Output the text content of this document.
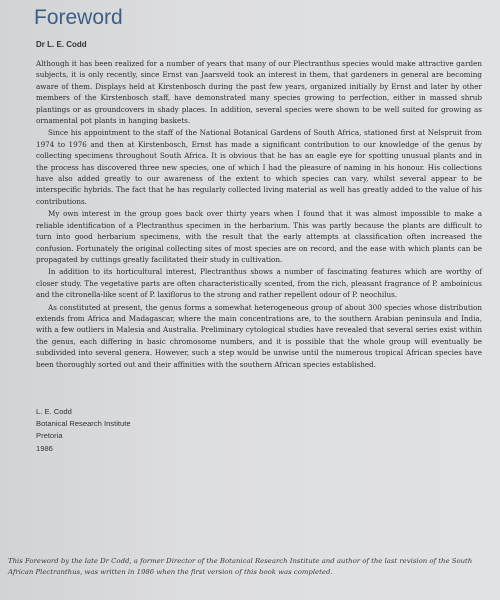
Foreword
Dr L. E. Codd

Although it has been realized for a number of years that many of our Plectranthus species would make attractive garden subjects, it is only recently, since Ernst van Jaarsveld took an interest in them, that gardeners in general are becoming aware of them. Displays held at Kirstenbosch during the past few years, organized initially by Ernst and later by other members of the Kirstenbosch staff, have demonstrated many species growing to perfection, either in massed shrub plantings or as groundcovers in shady places. In addition, several species were shown to be well suited for growing as ornamental pot plants in hanging baskets.

Since his appointment to the staff of the National Botanical Gardens of South Africa, stationed first at Nelspruit from 1974 to 1976 and then at Kirstenbosch, Ernst has made a significant contribution to our knowledge of the genus by collecting specimens throughout South Africa. It is obvious that he has an eagle eye for spotting unusual plants and in the process has discovered three new species, one of which I had the pleasure of naming in his honour. His collections have also added greatly to our awareness of the extent to which species can vary, whilst several appear to be interspecific hybrids. The fact that he has regularly collected living material as well has greatly added to the value of his contributions.

My own interest in the group goes back over thirty years when I found that it was almost impossible to make a reliable identification of a Plectranthus specimen in the herbarium. This was partly because the plants are difficult to turn into good herbarium specimens, with the result that the early attempts at classification often increased the confusion. Fortunately the original collecting sites of most species are on record, and the ease with which plants can be propagated by cuttings greatly facilitated their study in cultivation.

In addition to its horticultural interest, Plectranthus shows a number of fascinating features which are worthy of closer study. The vegetative parts are often characteristically scented, from the rich, pleasant fragrance of P. amboinicus and the citronella-like scent of P. laxiflorus to the strong and rather repellent odour of P. neochilus.

As constituted at present, the genus forms a somewhat heterogeneous group of about 300 species whose distribution extends from Africa and Madagascar, where the main concentrations are, to the southern Arabian peninsula and India, with a few outliers in Malesia and Australia. Preliminary cytological studies have revealed that several series exist within the genus, each differing in basic chromosome numbers, and it is possible that the whole group will eventually be subdivided into several genera. However, such a step would be unwise until the numerous tropical African species have been thoroughly sorted out and their affinities with the southern African species established.

L. E. Codd
Botanical Research Institute
Pretoria
1986
This Foreword by the late Dr Codd, a former Director of the Botanical Research Institute and author of the last revision of the South African Plectranthus, was written in 1986 when the first version of this book was completed.
